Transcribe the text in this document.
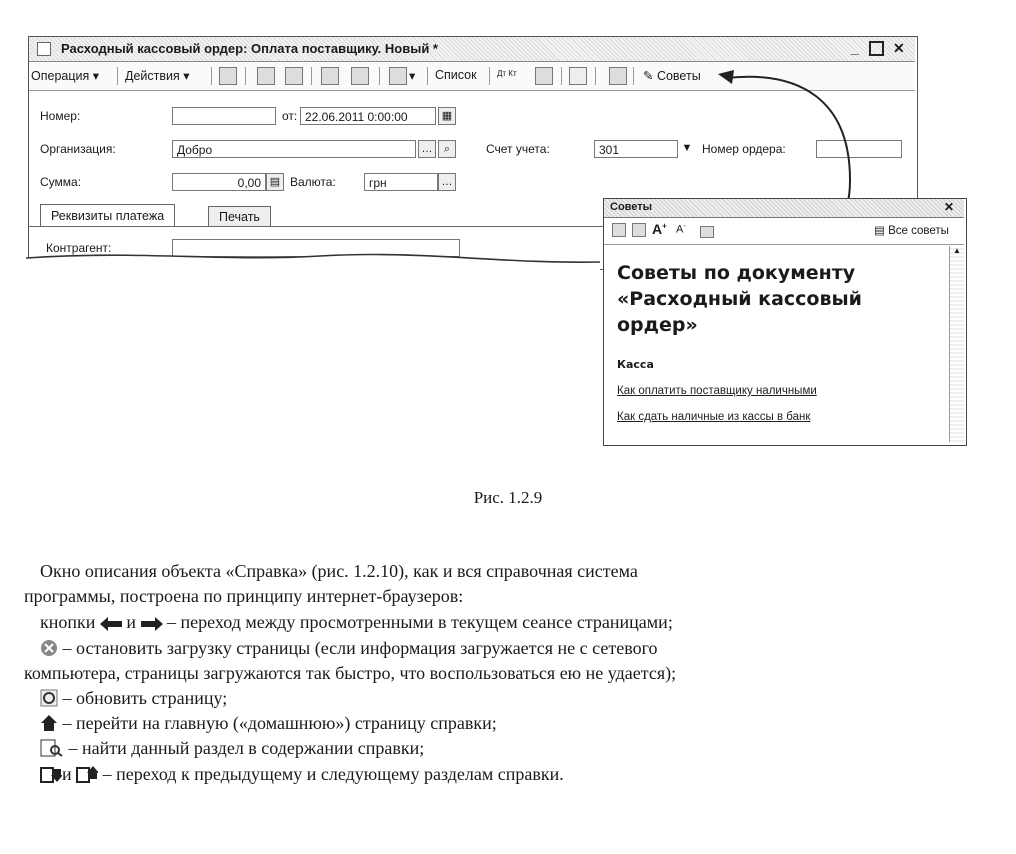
Расходный кассовый ордер: Оплата поставщику. Новый *	_ ✕
Операция ▾ Действия ▾	▾ Список	Дт Кт	✎ Советы
Номер:	от: 22.06.2011 0:00:00	▦
Организация:	Добро	…	⌕	Счет учета:	301	▼ Номер ордера:
Сумма:	0,00 ▤ Валюта:	грн	…
Реквизиты платежа	Печать
Контрагент:
Советы	✕
A+ A-	▤ Все советы

Советы по документу

«Расходный кассовый

ордер»

Касса
Как оплатить поставщику наличными
Как сдать наличные из кассы в банк
▲
Рис. 1.2.9
Окно описания объекта «Справка» (рис. 1.2.10), как и вся справочная система
программы, построена по принципу интернет-браузеров:
кнопки и – переход между просмотренными в текущем сеансе страницами;
– остановить загрузку страницы (если информация загружается не с сетевого
компьютера, страницы загружаются так быстро, что воспользоваться ею не удается);
– обновить страницу;
– перейти на главную («домашнюю») страницу справки;
– найти данный раздел в содержании справки;
и – переход к предыдущему и следующему разделам справки.
